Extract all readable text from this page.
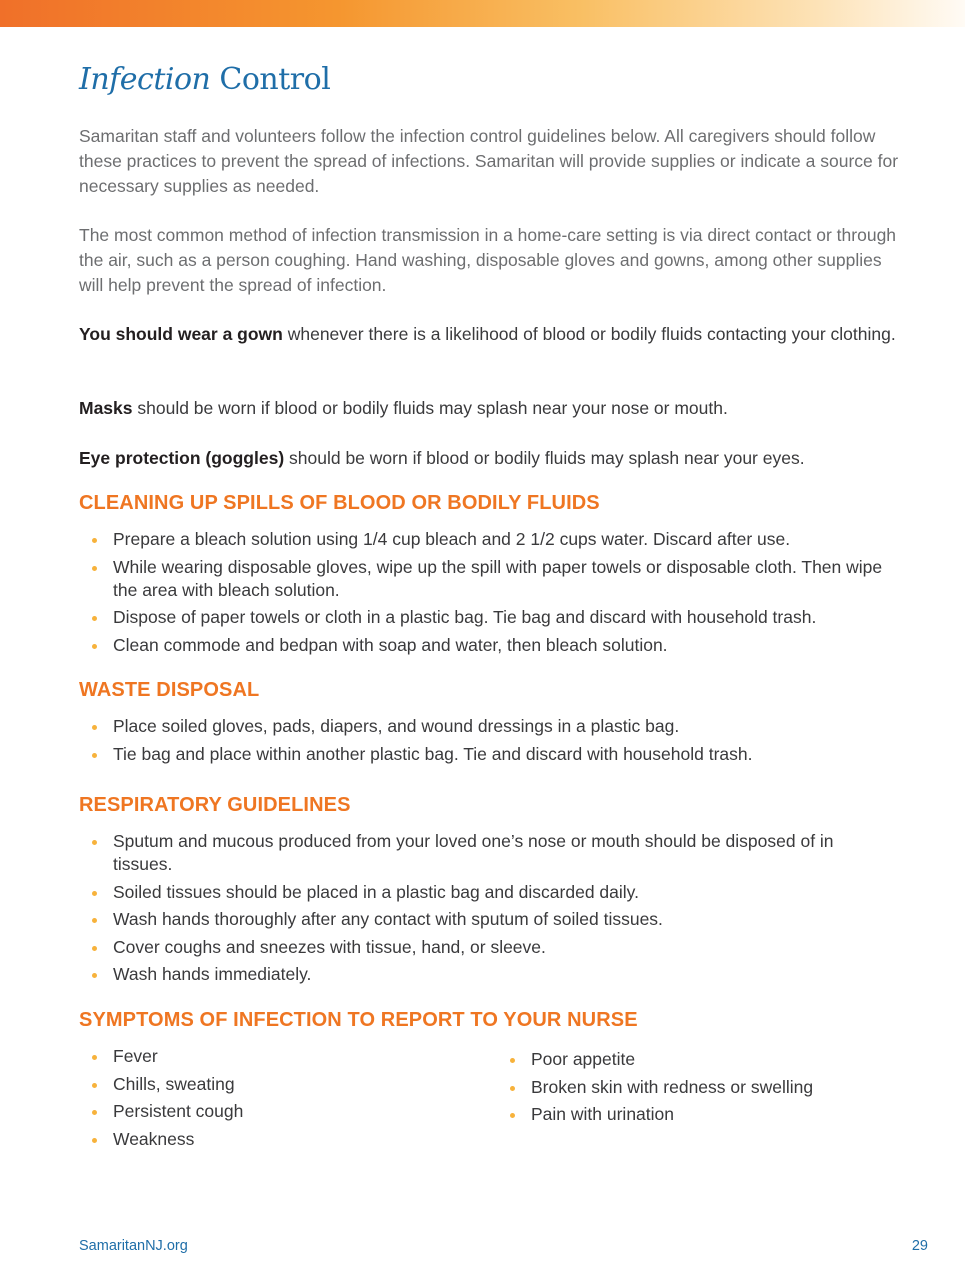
Infection Control

Samaritan staff and volunteers follow the infection control guidelines below. All caregivers should follow these practices to prevent the spread of infections. Samaritan will provide supplies or indicate a source for necessary supplies as needed.

The most common method of infection transmission in a home-care setting is via direct contact or through the air, such as a person coughing. Hand washing, disposable gloves and gowns, among other supplies will help prevent the spread of infection.

You should wear a gown whenever there is a likelihood of blood or bodily fluids contacting your clothing.

Masks should be worn if blood or bodily fluids may splash near your nose or mouth.

Eye protection (goggles) should be worn if blood or bodily fluids may splash near your eyes.

CLEANING UP SPILLS OF BLOOD OR BODILY FLUIDS
Prepare a bleach solution using 1/4 cup bleach and 2 1/2 cups water. Discard after use.
While wearing disposable gloves, wipe up the spill with paper towels or disposable cloth. Then wipe the area with bleach solution.
Dispose of paper towels or cloth in a plastic bag. Tie bag and discard with household trash.
Clean commode and bedpan with soap and water, then bleach solution.
WASTE DISPOSAL
Place soiled gloves, pads, diapers, and wound dressings in a plastic bag.
Tie bag and place within another plastic bag. Tie and discard with household trash.
RESPIRATORY GUIDELINES
Sputum and mucous produced from your loved one’s nose or mouth should be disposed of in tissues.
Soiled tissues should be placed in a plastic bag and discarded daily.
Wash hands thoroughly after any contact with sputum of soiled tissues.
Cover coughs and sneezes with tissue, hand, or sleeve.
Wash hands immediately.
SYMPTOMS OF INFECTION TO REPORT TO YOUR NURSE
Fever
Chills, sweating
Persistent cough
Weakness
Poor appetite
Broken skin with redness or swelling
Pain with urination
SamaritanNJ.org	29
